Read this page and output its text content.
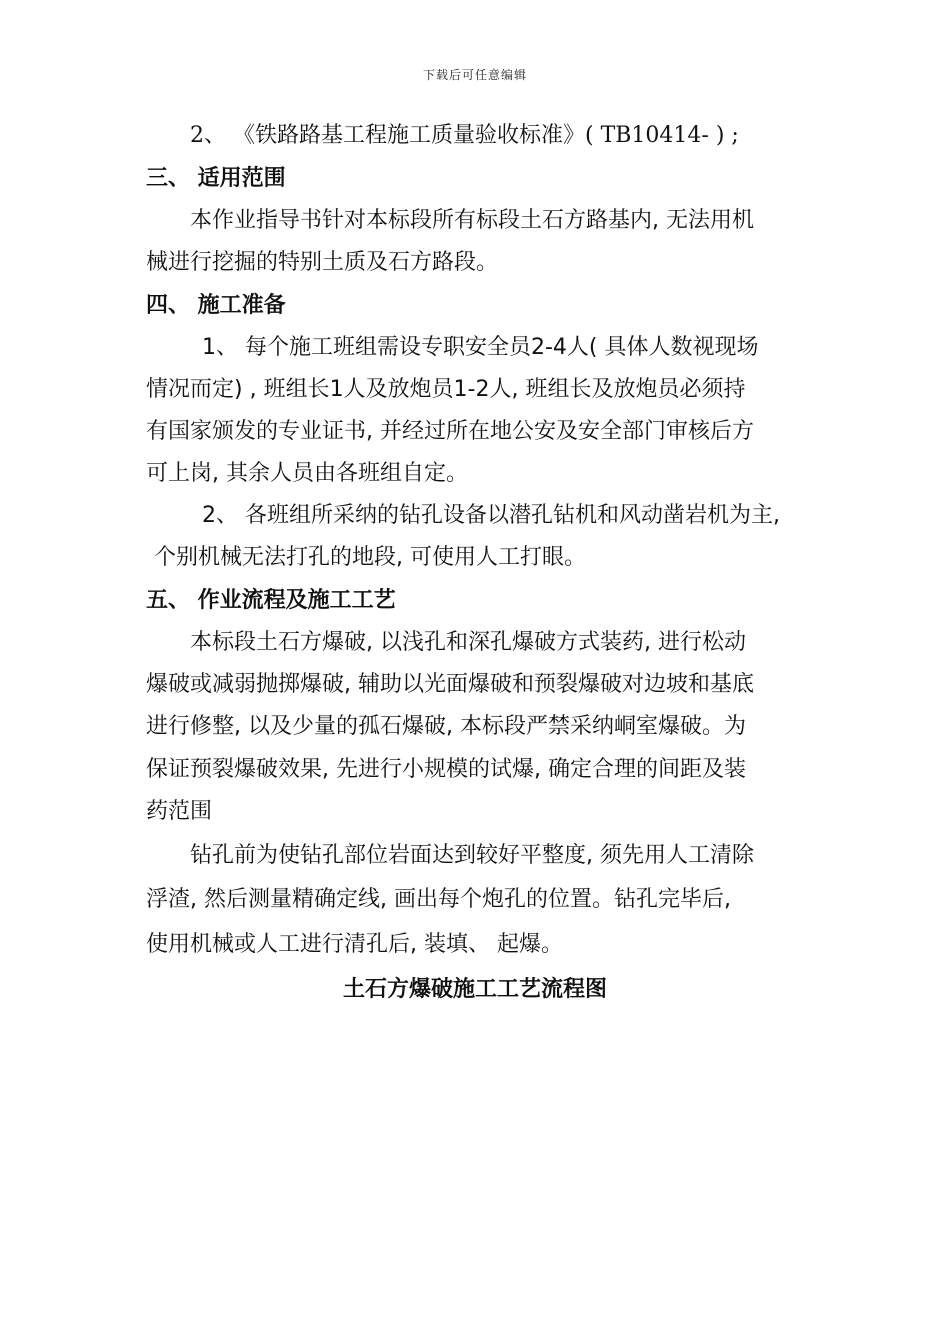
下载后可任意编辑
2、 《铁路路基工程施工质量验收标准》( TB10414- ) ;
三、 适用范围
本作业指导书针对本标段所有标段土石方路基内, 无法用机
械进行挖掘的特别土质及石方路段。
四、 施工准备
1、 每个施工班组需设专职安全员2-4人( 具体人数视现场
情况而定) , 班组长1人及放炮员1-2人, 班组长及放炮员必须持
有国家颁发的专业证书, 并经过所在地公安及安全部门审核后方
可上岗, 其余人员由各班组自定。
2、 各班组所采纳的钻孔设备以潜孔钻机和风动凿岩机为主,
个别机械无法打孔的地段, 可使用人工打眼。
五、 作业流程及施工工艺
本标段土石方爆破, 以浅孔和深孔爆破方式装药, 进行松动
爆破或减弱抛掷爆破, 辅助以光面爆破和预裂爆破对边坡和基底
进行修整, 以及少量的孤石爆破, 本标段严禁采纳峒室爆破。为
保证预裂爆破效果, 先进行小规模的试爆, 确定合理的间距及装
药范围
钻孔前为使钻孔部位岩面达到较好平整度, 须先用人工清除
浮渣, 然后测量精确定线, 画出每个炮孔的位置。钻孔完毕后,
使用机械或人工进行清孔后, 装填、 起爆。
土石方爆破施工工艺流程图
